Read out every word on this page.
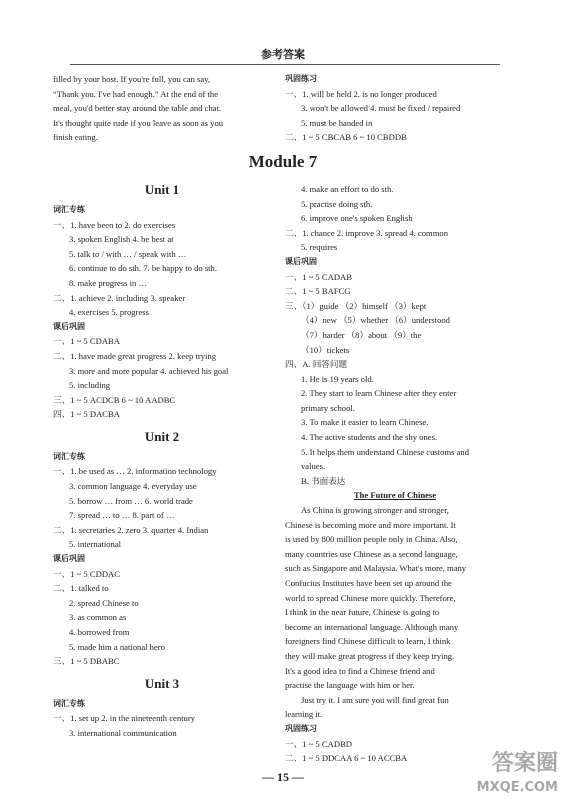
参考答案
filled by your host. If you're full, you can say,
“Thank you. I've had enough.” At the end of the
meal, you'd better stay around the table and chat.
It's thought quite rude if you leave as soon as you
finish eating.
Unit 1
词汇专练
一、1. have been to 2. do exercises
3. spoken English 4. be best at
5. talk to / with … / speak with …
6. continue to do sth. 7. be happy to do sth.
8. make progress in …
二、1. achieve 2. including 3. speaker
4. exercises 5. progress
课后巩固
一、1 ~ 5 CDABA
二、1. have made great progress 2. keep trying
3. more and more popular 4. achieved his goal
5. including
三、1 ~ 5 ACDCB 6 ~ 10 AADBC
四、1 ~ 5 DACBA
Unit 2
词汇专练
一、1. be used as … 2. information technology
3. common language 4. everyday use
5. borrow … from … 6. world trade
7. spread … to … 8. part of …
二、1. secretaries 2. zero 3. quarter 4. Indian
5. international
课后巩固
一、1 ~ 5 CDDAC
二、1. talked to
2. spread Chinese to
3. as common as
4. borrowed from
5. made him a national hero
三、1 ~ 5 DBABC
Unit 3
词汇专练
一、1. set up 2. in the nineteenth century
3. international communication
Module 7
巩固练习
一、1. will be held 2. is no longer produced
3. won't be allowed 4. must be fixed / repaired
5. must be handed in
二、1 ~ 5 CBCAB 6 ~ 10 CBDDB
4. make an effort to do sth.
5. practise doing sth.
6. improve one's spoken English
二、1. chance 2. improve 3. spread 4. common
5. requires
课后巩固
一、1 ~ 5 CADAB
二、1 ~ 5 BAFCG
三、（1）guide （2）himself （3）kept
（4）new （5）whether （6）understood
（7）harder （8）about （9）the
（10）tickets
四、A. 回答问题
1. He is 19 years old.
2. They start to learn Chinese after they enter
primary school.
3. To make it easier to learn Chinese.
4. The active students and the shy ones.
5. It helps them understand Chinese customs and
values.
B. 书面表达
The Future of Chinese
As China is growing stronger and stronger,
Chinese is becoming more and more important. It
is used by 800 million people only in China. Also,
many countries use Chinese as a second language,
such as Singapore and Malaysia. What's more, many
Confucius Institutes have been set up around the
world to spread Chinese more quickly. Therefore,
I think in the near future, Chinese is going to
become an international language. Although many
foreigners find Chinese difficult to learn, I think
they will make great progress if they keep trying.
It's a good idea to find a Chinese friend and
practise the language with him or her.
Just try it. I am sure you will find great fun
learning it.
巩固练习
一、1 ~ 5 CADBD
二、1 ~ 5 DDCAA 6 ~ 10 ACCBA
— 15 —
答案圈
MXQE.COM
